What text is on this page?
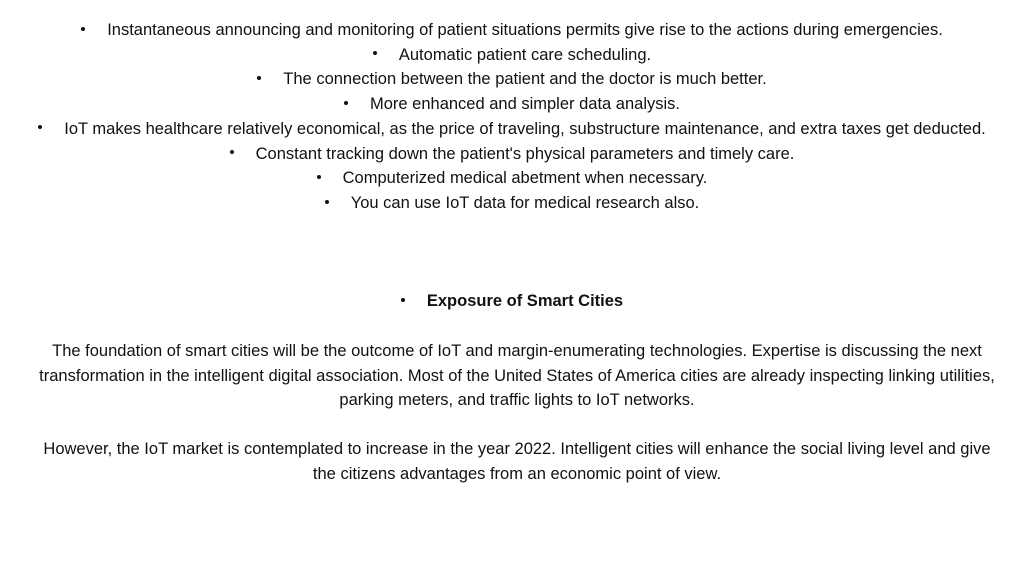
Instantaneous announcing and monitoring of patient situations permits give rise to the actions during emergencies.
Automatic patient care scheduling.
The connection between the patient and the doctor is much better.
More enhanced and simpler data analysis.
IoT makes healthcare relatively economical, as the price of traveling, substructure maintenance, and extra taxes get deducted.
Constant tracking down the patient's physical parameters and timely care.
Computerized medical abetment when necessary.
You can use IoT data for medical research also.
Exposure of Smart Cities

The foundation of smart cities will be the outcome of IoT and margin-enumerating technologies. Expertise is discussing the next transformation in the intelligent digital association. Most of the United States of America cities are already inspecting linking utilities, parking meters, and traffic lights to IoT networks.

However, the IoT market is contemplated to increase in the year 2022. Intelligent cities will enhance the social living level and give the citizens advantages from an economic point of view.
